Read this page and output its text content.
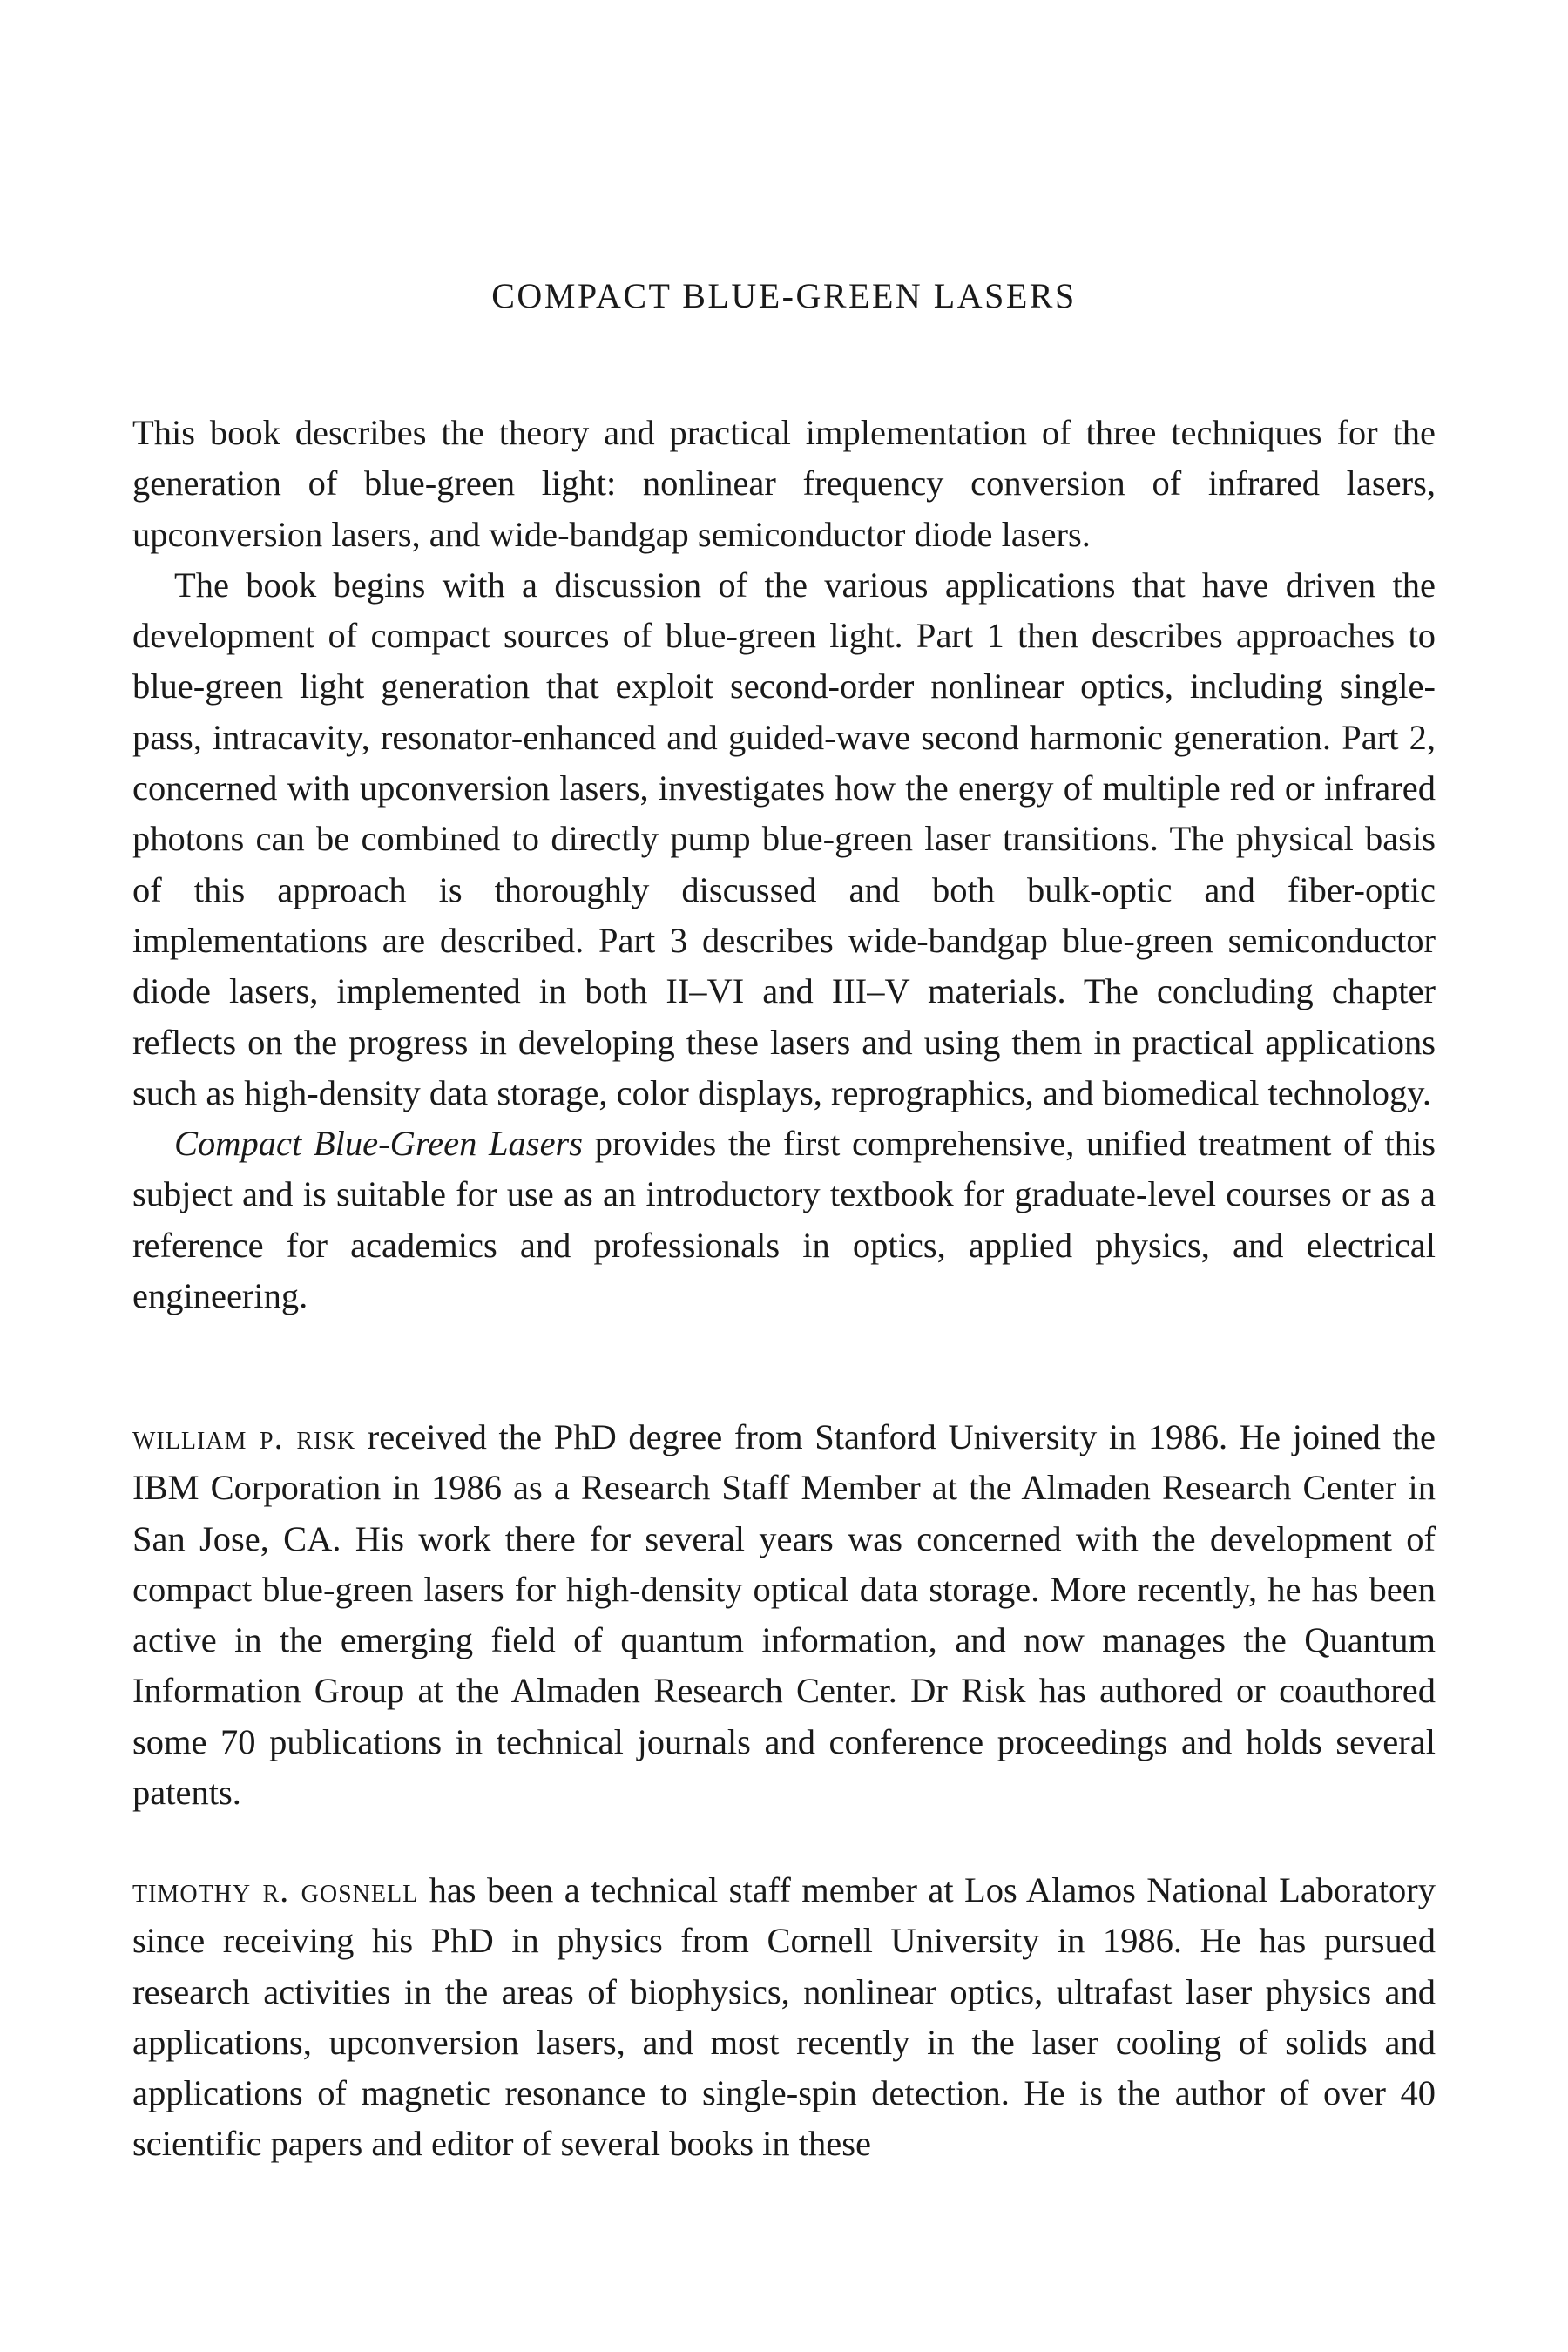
COMPACT BLUE-GREEN LASERS

This book describes the theory and practical implementation of three techniques for the generation of blue-green light: nonlinear frequency conversion of infrared lasers, upconversion lasers, and wide-bandgap semiconductor diode lasers.

The book begins with a discussion of the various applications that have driven the development of compact sources of blue-green light. Part 1 then describes approaches to blue-green light generation that exploit second-order nonlinear optics, including single-pass, intracavity, resonator-enhanced and guided-wave second harmonic generation. Part 2, concerned with upconversion lasers, investigates how the energy of multiple red or infrared photons can be combined to directly pump blue-green laser transitions. The physical basis of this approach is thoroughly discussed and both bulk-optic and fiber-optic implementations are described. Part 3 describes wide-bandgap blue-green semiconductor diode lasers, implemented in both II–VI and III–V materials. The concluding chapter reflects on the progress in developing these lasers and using them in practical applications such as high-density data storage, color displays, reprographics, and biomedical technology.

Compact Blue-Green Lasers provides the first comprehensive, unified treatment of this subject and is suitable for use as an introductory textbook for graduate-level courses or as a reference for academics and professionals in optics, applied physics, and electrical engineering.

william p. risk received the PhD degree from Stanford University in 1986. He joined the IBM Corporation in 1986 as a Research Staff Member at the Almaden Research Center in San Jose, CA. His work there for several years was concerned with the development of compact blue-green lasers for high-density optical data storage. More recently, he has been active in the emerging field of quantum information, and now manages the Quantum Information Group at the Almaden Research Center. Dr Risk has authored or coauthored some 70 publications in technical journals and conference proceedings and holds several patents.

timothy r. gosnell has been a technical staff member at Los Alamos National Laboratory since receiving his PhD in physics from Cornell University in 1986. He has pursued research activities in the areas of biophysics, nonlinear optics, ultrafast laser physics and applications, upconversion lasers, and most recently in the laser cooling of solids and applications of magnetic resonance to single-spin detection. He is the author of over 40 scientific papers and editor of several books in these
